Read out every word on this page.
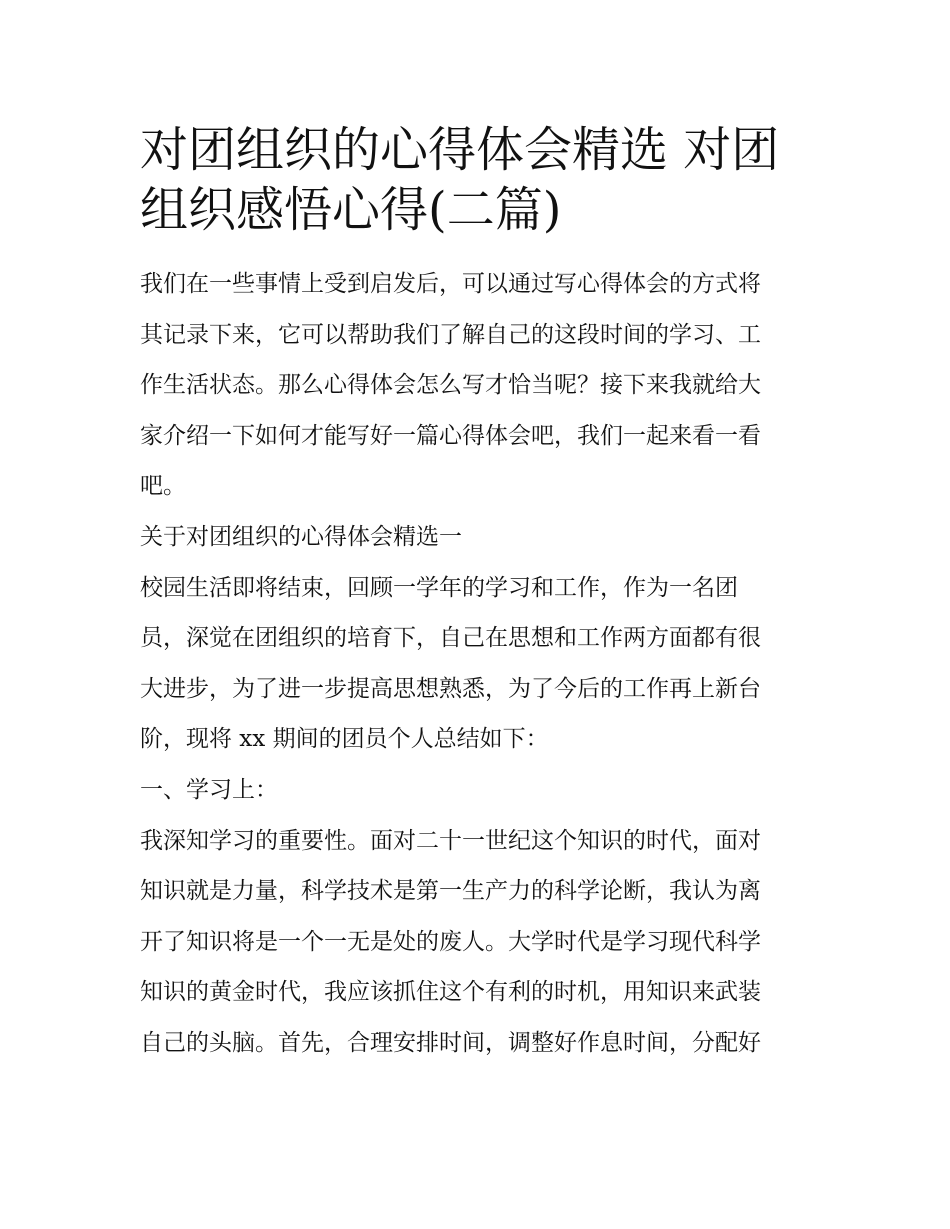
对团组织的心得体会精选 对团
组织感悟心得(二篇)
我们在一些事情上受到启发后，可以通过写心得体会的方式将
其记录下来，它可以帮助我们了解自己的这段时间的学习、工
作生活状态。那么心得体会怎么写才恰当呢？接下来我就给大
家介绍一下如何才能写好一篇心得体会吧，我们一起来看一看
吧。
关于对团组织的心得体会精选一
校园生活即将结束，回顾一学年的学习和工作，作为一名团
员，深觉在团组织的培育下，自己在思想和工作两方面都有很
大进步，为了进一步提高思想熟悉，为了今后的工作再上新台
阶，现将 xx 期间的团员个人总结如下：
一、学习上：
我深知学习的重要性。面对二十一世纪这个知识的时代，面对
知识就是力量，科学技术是第一生产力的科学论断，我认为离
开了知识将是一个一无是处的废人。大学时代是学习现代科学
知识的黄金时代，我应该抓住这个有利的时机，用知识来武装
自己的头脑。首先，合理安排时间，调整好作息时间，分配好
